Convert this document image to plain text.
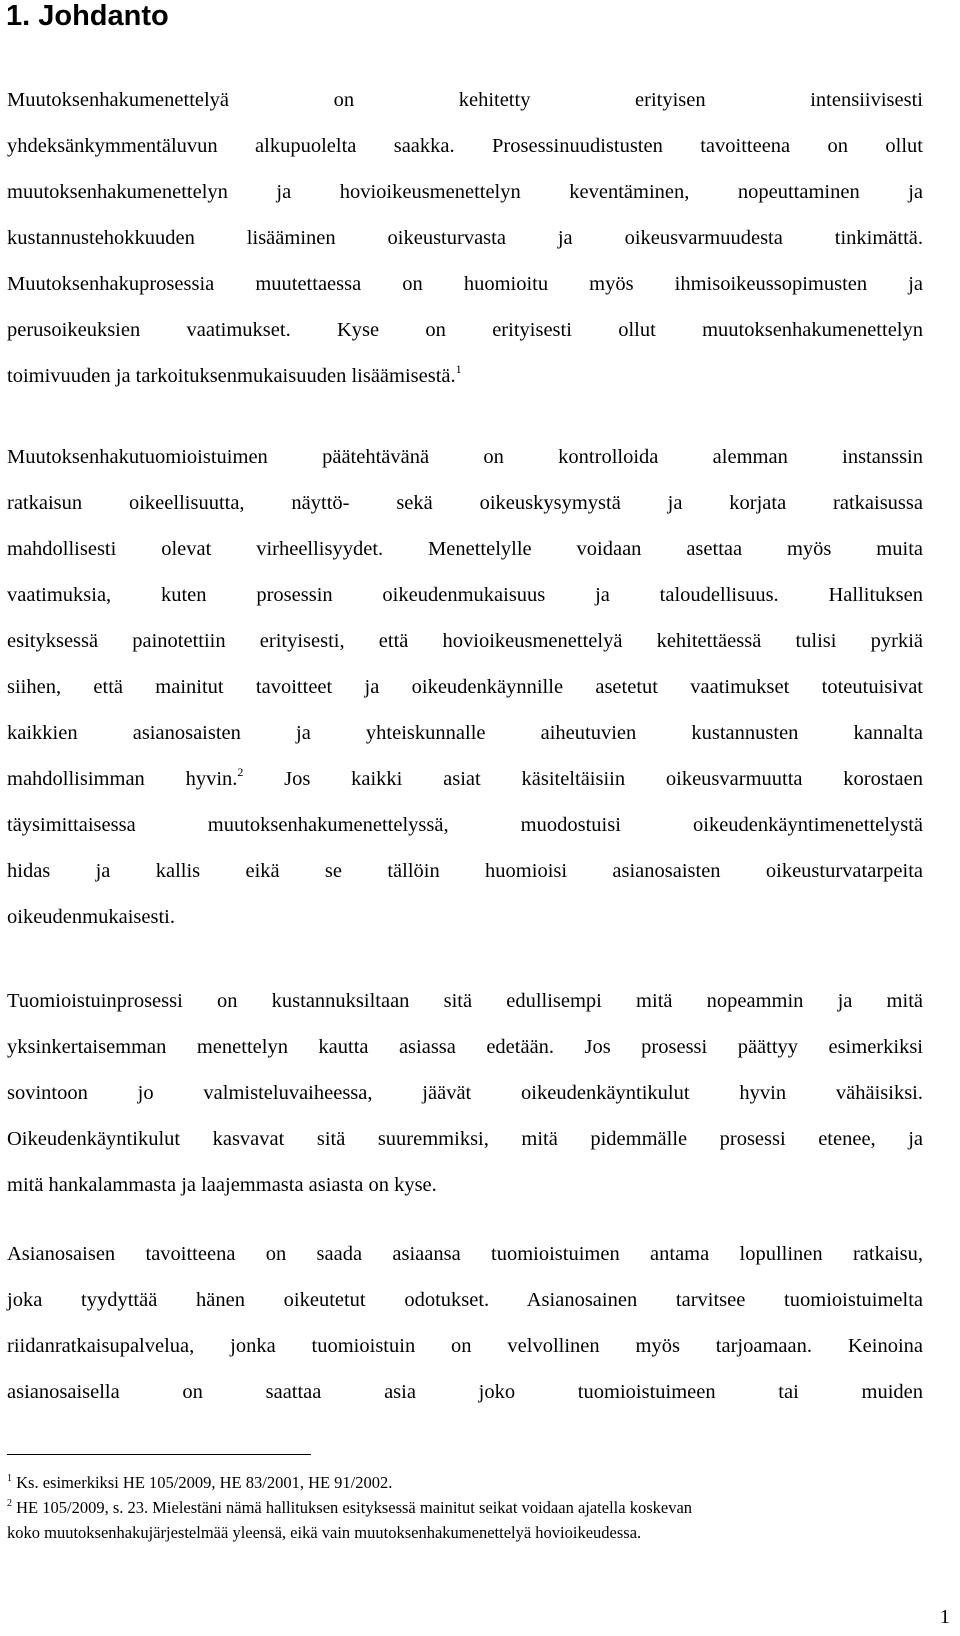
1. Johdanto
Muutoksenhakumenettelyä on kehitetty erityisen intensiivisesti
yhdeksänkymmentäluvun alkupuolelta saakka. Prosessinuudistusten tavoitteena on ollut
muutoksenhakumenettelyn ja hovioikeusmenettelyn keventäminen, nopeuttaminen ja
kustannustehokkuuden lisääminen oikeusturvasta ja oikeusvarmuudesta tinkimättä.
Muutoksenhakuprosessia muutettaessa on huomioitu myös ihmisoikeussopimusten ja
perusoikeuksien vaatimukset. Kyse on erityisesti ollut muutoksenhakumenettelyn
toimivuuden ja tarkoituksenmukaisuuden lisäämisestä.$^1$
Muutoksenhakutuomioistuimen päätehtävänä on kontrolloida alemman instanssin
ratkaisun oikeellisuutta, näyttö- sekä oikeuskysymystä ja korjata ratkaisussa
mahdollisesti olevat virheellisyydet. Menettelylle voidaan asettaa myös muita
vaatimuksia, kuten prosessin oikeudenmukaisuus ja taloudellisuus. Hallituksen
esityksessä painotettiin erityisesti, että hovioikeusmenettelyä kehitettäessä tulisi pyrkiä
siihen, että mainitut tavoitteet ja oikeudenkäynnille asetetut vaatimukset toteutuisivat
kaikkien asianosaisten ja yhteiskunnalle aiheutuvien kustannusten kannalta
mahdollisimman hyvin.$^2$ Jos kaikki asiat käsiteltäisiin oikeusvarmuutta korostaen
täysimittaisessa muutoksenhakumenettelyssä, muodostuisi oikeudenkäyntimenettelystä
hidas ja kallis eikä se tällöin huomioisi asianosaisten oikeusturvatarpeita
oikeudenmukaisesti.
Tuomioistuinprosessi on kustannuksiltaan sitä edullisempi mitä nopeammin ja mitä
yksinkertaisemman menettelyn kautta asiassa edetään. Jos prosessi päättyy esimerkiksi
sovintoon jo valmisteluvaiheessa, jäävät oikeudenkäyntikulut hyvin vähäisiksi.
Oikeudenkäyntikulut kasvavat sitä suuremmiksi, mitä pidemmälle prosessi etenee, ja
mitä hankalammasta ja laajemmasta asiasta on kyse.
Asianosaisen tavoitteena on saada asiaansa tuomioistuimen antama lopullinen ratkaisu,
joka tyydyttää hänen oikeutetut odotukset. Asianosainen tarvitsee tuomioistuimelta
riidanratkaisupalvelua, jonka tuomioistuin on velvollinen myös tarjoamaan. Keinoina
asianosaisella on saattaa asia joko tuomioistuimeen tai muiden
$^1$ Ks. esimerkiksi HE 105/2009, HE 83/2001, HE 91/2002.
$^2$ HE 105/2009, s. 23. Mielestäni nämä hallituksen esityksessä mainitut seikat voidaan ajatella koskevan
koko muutoksenhakujärjestelmää yleensä, eikä vain muutoksenhakumenettelyä hovioikeudessa.
1
